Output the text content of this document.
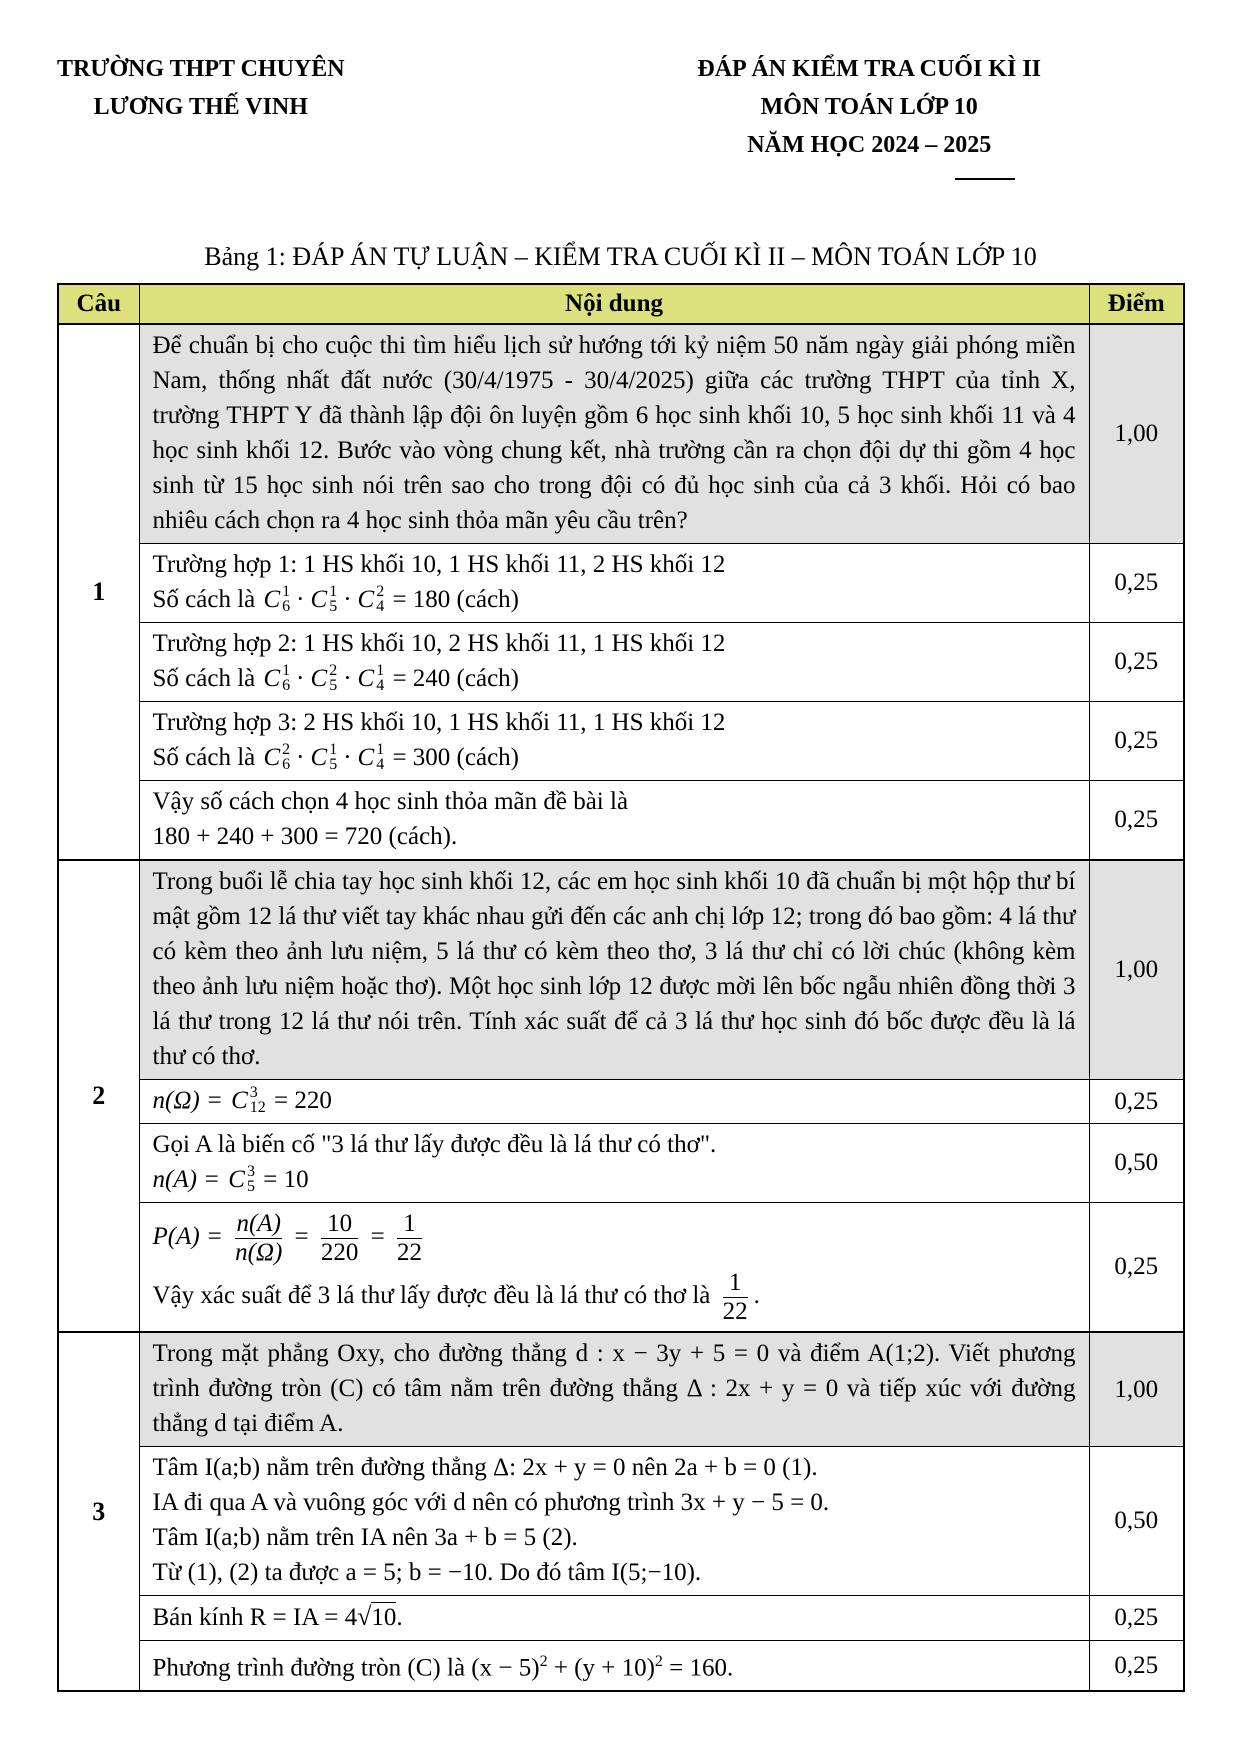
TRƯỜNG THPT CHUYÊN
LƯƠNG THẾ VINH
ĐÁP ÁN KIỂM TRA CUỐI KÌ II
MÔN TOÁN LỚP 10
NĂM HỌC 2024 – 2025
Bảng 1: ĐÁP ÁN TỰ LUẬN – KIỂM TRA CUỐI KÌ II – MÔN TOÁN LỚP 10
Câu	Nội dung	Điểm
1	Để chuẩn bị cho cuộc thi tìm hiểu lịch sử hướng tới kỷ niệm 50 năm ngày giải phóng miền Nam, thống nhất đất nước (30/4/1975 - 30/4/2025) giữa các trường THPT của tỉnh X, trường THPT Y đã thành lập đội ôn luyện gồm 6 học sinh khối 10, 5 học sinh khối 11 và 4 học sinh khối 12. Bước vào vòng chung kết, nhà trường cần ra chọn đội dự thi gồm 4 học sinh từ 15 học sinh nói trên sao cho trong đội có đủ học sinh của cả 3 khối. Hỏi có bao nhiêu cách chọn ra 4 học sinh thỏa mãn yêu cầu trên?	1,00

Trường hợp 1: 1 HS khối 10, 1 HS khối 11, 2 HS khối 12
Số cách là C 1
6 · C 1
5 · C 2
4 = 180 (cách)
	0,25

Trường hợp 2: 1 HS khối 10, 2 HS khối 11, 1 HS khối 12
Số cách là C 1
6 · C 2
5 · C 1
4 = 240 (cách)
	0,25

Trường hợp 3: 2 HS khối 10, 1 HS khối 11, 1 HS khối 12
Số cách là C 2
6 · C 1
5 · C 1
4 = 300 (cách)
	0,25

	Vậy số cách chọn 4 học sinh thỏa mãn đề bài là
180 + 240 + 300 = 720 (cách).	0,25
2	Trong buổi lễ chia tay học sinh khối 12, các em học sinh khối 10 đã chuẩn bị một hộp thư bí mật gồm 12 lá thư viết tay khác nhau gửi đến các anh chị lớp 12; trong đó bao gồm: 4 lá thư có kèm theo ảnh lưu niệm, 5 lá thư có kèm theo thơ, 3 lá thư chỉ có lời chúc (không kèm theo ảnh lưu niệm hoặc thơ). Một học sinh lớp 12 được mời lên bốc ngẫu nhiên đồng thời 3 lá thư trong 12 lá thư nói trên. Tính xác suất để cả 3 lá thư học sinh đó bốc được đều là lá thư có thơ.	1,00

	n(Ω) = C 3
12 = 220	0,25

Gọi A là biến cố "3 lá thư lấy được đều là lá thư có thơ".
n(A) = C 3
5 = 10
	0,50

$P(A) = \frac{n(A)}{n(\Omega)} = \frac{10}{220} = \frac{1}{22}$
Vậy xác suất để 3 lá thư lấy được đều là lá thư có thơ là $\frac{1}{22}$ .
	0,25
3	Trong mặt phẳng Oxy, cho đường thẳng d : x − 3y + 5 = 0 và điểm A(1;2). Viết phương trình đường tròn (C) có tâm nằm trên đường thẳng Δ : 2x + y = 0 và tiếp xúc với đường thẳng d tại điểm A.	1,00

	Tâm I(a;b) nằm trên đường thẳng Δ: 2x + y = 0 nên 2a + b = 0 (1).
IA đi qua A và vuông góc với d nên có phương trình 3x + y − 5 = 0.
Tâm I(a;b) nằm trên IA nên 3a + b = 5 (2).
Từ (1), (2) ta được a = 5; b = −10. Do đó tâm I(5;−10).	0,50
	Bán kính R = IA = 4√10.	0,25
	Phương trình đường tròn (C) là $(x - 5)^2 + (y + 10)^2 = 160$.	0,25
